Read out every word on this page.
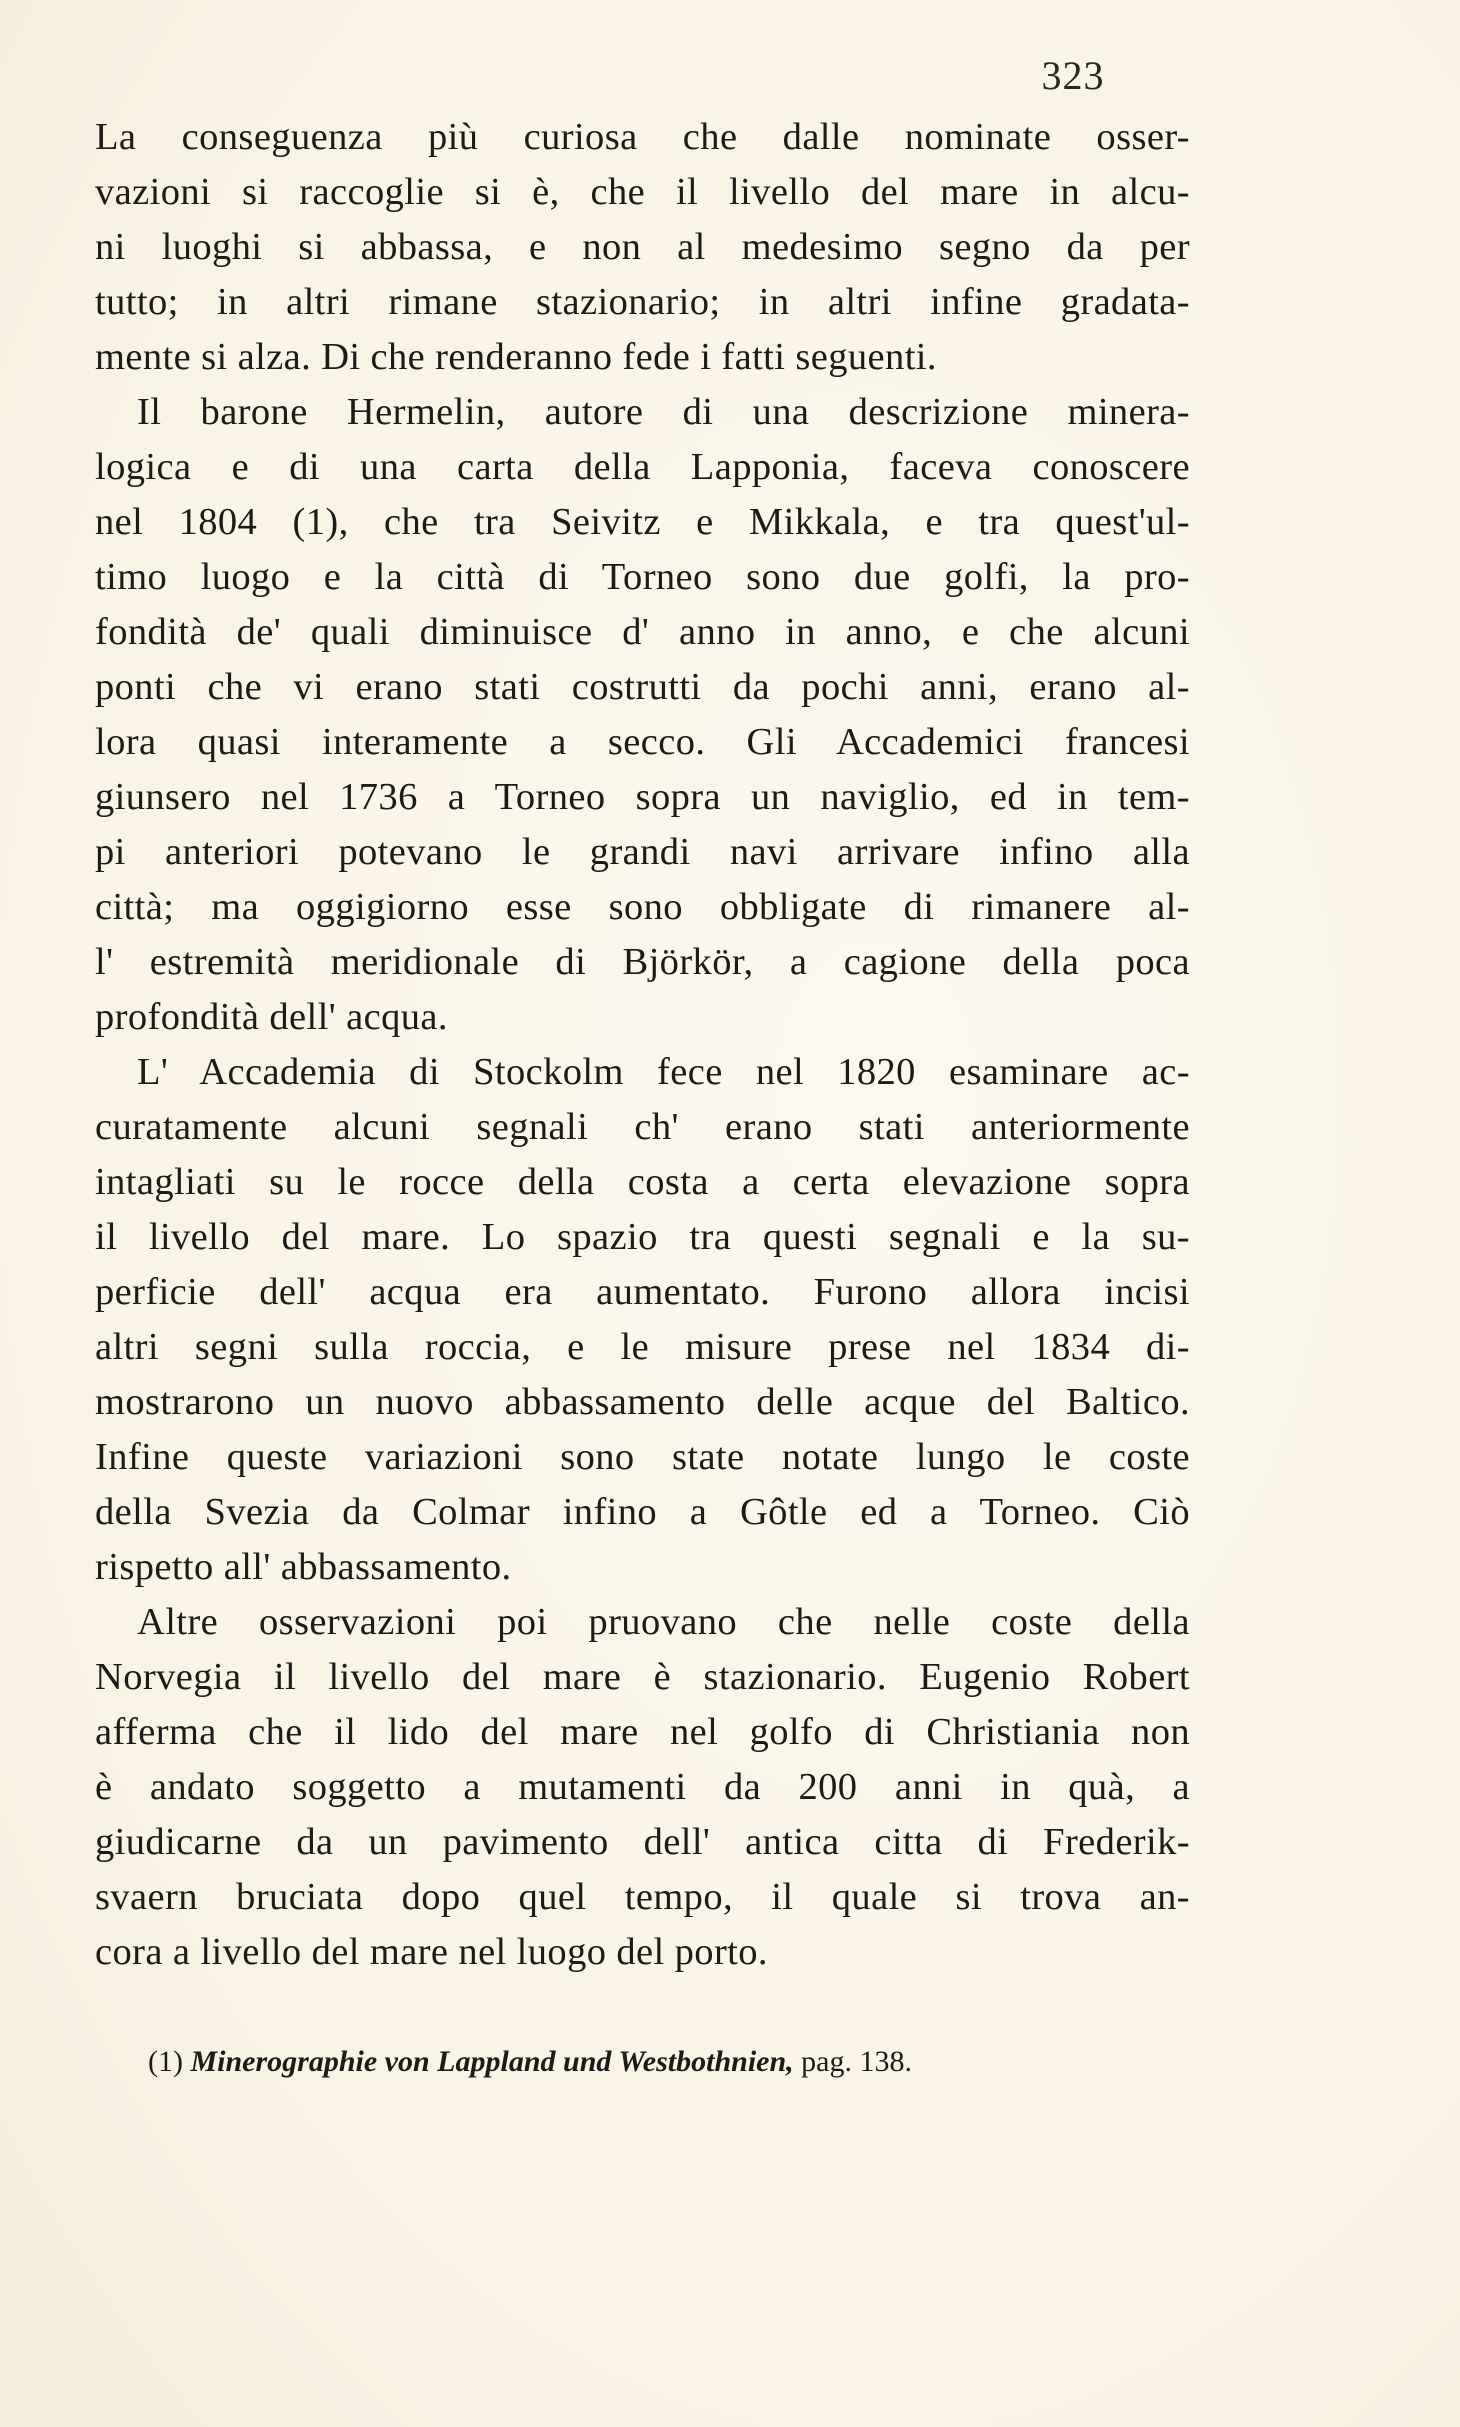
323
La conseguenza più curiosa che dalle nominate osser-
vazioni si raccoglie si è, che il livello del mare in alcu-
ni luoghi si abbassa, e non al medesimo segno da per
tutto; in altri rimane stazionario; in altri infine gradata-
mente si alza. Di che renderanno fede i fatti seguenti.
Il barone Hermelin, autore di una descrizione minera-
logica e di una carta della Lapponia, faceva conoscere
nel 1804 (1), che tra Seivitz e Mikkala, e tra quest'ul-
timo luogo e la città di Torneo sono due golfi, la pro-
fondità de' quali diminuisce d' anno in anno, e che alcuni
ponti che vi erano stati costrutti da pochi anni, erano al-
lora quasi interamente a secco. Gli Accademici francesi
giunsero nel 1736 a Torneo sopra un naviglio, ed in tem-
pi anteriori potevano le grandi navi arrivare infino alla
città; ma oggigiorno esse sono obbligate di rimanere al-
l' estremità meridionale di Björkör, a cagione della poca
profondità dell' acqua.
L' Accademia di Stockolm fece nel 1820 esaminare ac-
curatamente alcuni segnali ch' erano stati anteriormente
intagliati su le rocce della costa a certa elevazione sopra
il livello del mare. Lo spazio tra questi segnali e la su-
perficie dell' acqua era aumentato. Furono allora incisi
altri segni sulla roccia, e le misure prese nel 1834 di-
mostrarono un nuovo abbassamento delle acque del Baltico.
Infine queste variazioni sono state notate lungo le coste
della Svezia da Colmar infino a Gôtle ed a Torneo. Ciò
rispetto all' abbassamento.
Altre osservazioni poi pruovano che nelle coste della
Norvegia il livello del mare è stazionario. Eugenio Robert
afferma che il lido del mare nel golfo di Christiania non
è andato soggetto a mutamenti da 200 anni in quà, a
giudicarne da un pavimento dell' antica citta di Frederik-
svaern bruciata dopo quel tempo, il quale si trova an-
cora a livello del mare nel luogo del porto.
(1) Minerographie von Lappland und Westbothnien, pag. 138.
